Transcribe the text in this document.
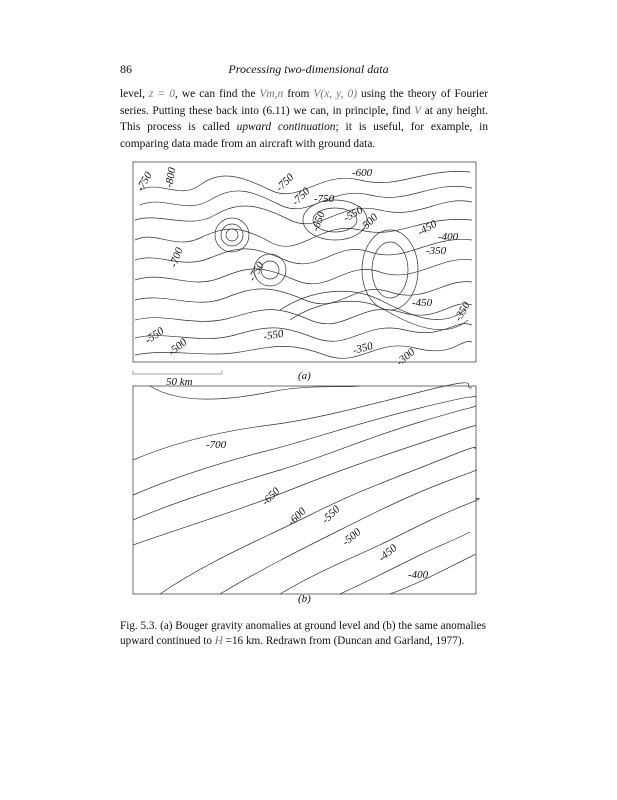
86	Processing two-dimensional data
level, z = 0, we can find the Vm,n from V(x, y, 0) using the theory of Fourier series. Putting these back into (6.11) we can, in principle, find V at any height. This process is called upward continuation; it is useful, for example, in comparing data made from an aircraft with ground data.
-750 -800	-750
-750
-600
-750
-650 -550
-500	-450 -400
-350
-700
-750
-450 -350
-550
-500
-550
-350 -300
-700
-650
-600 -550
-500
-450
-400
(a)
50 km
(b)
Fig. 5.3. (a) Bouger gravity anomalies at ground level and (b) the same anomalies upward continued to H =16 km. Redrawn from (Duncan and Garland, 1977).
